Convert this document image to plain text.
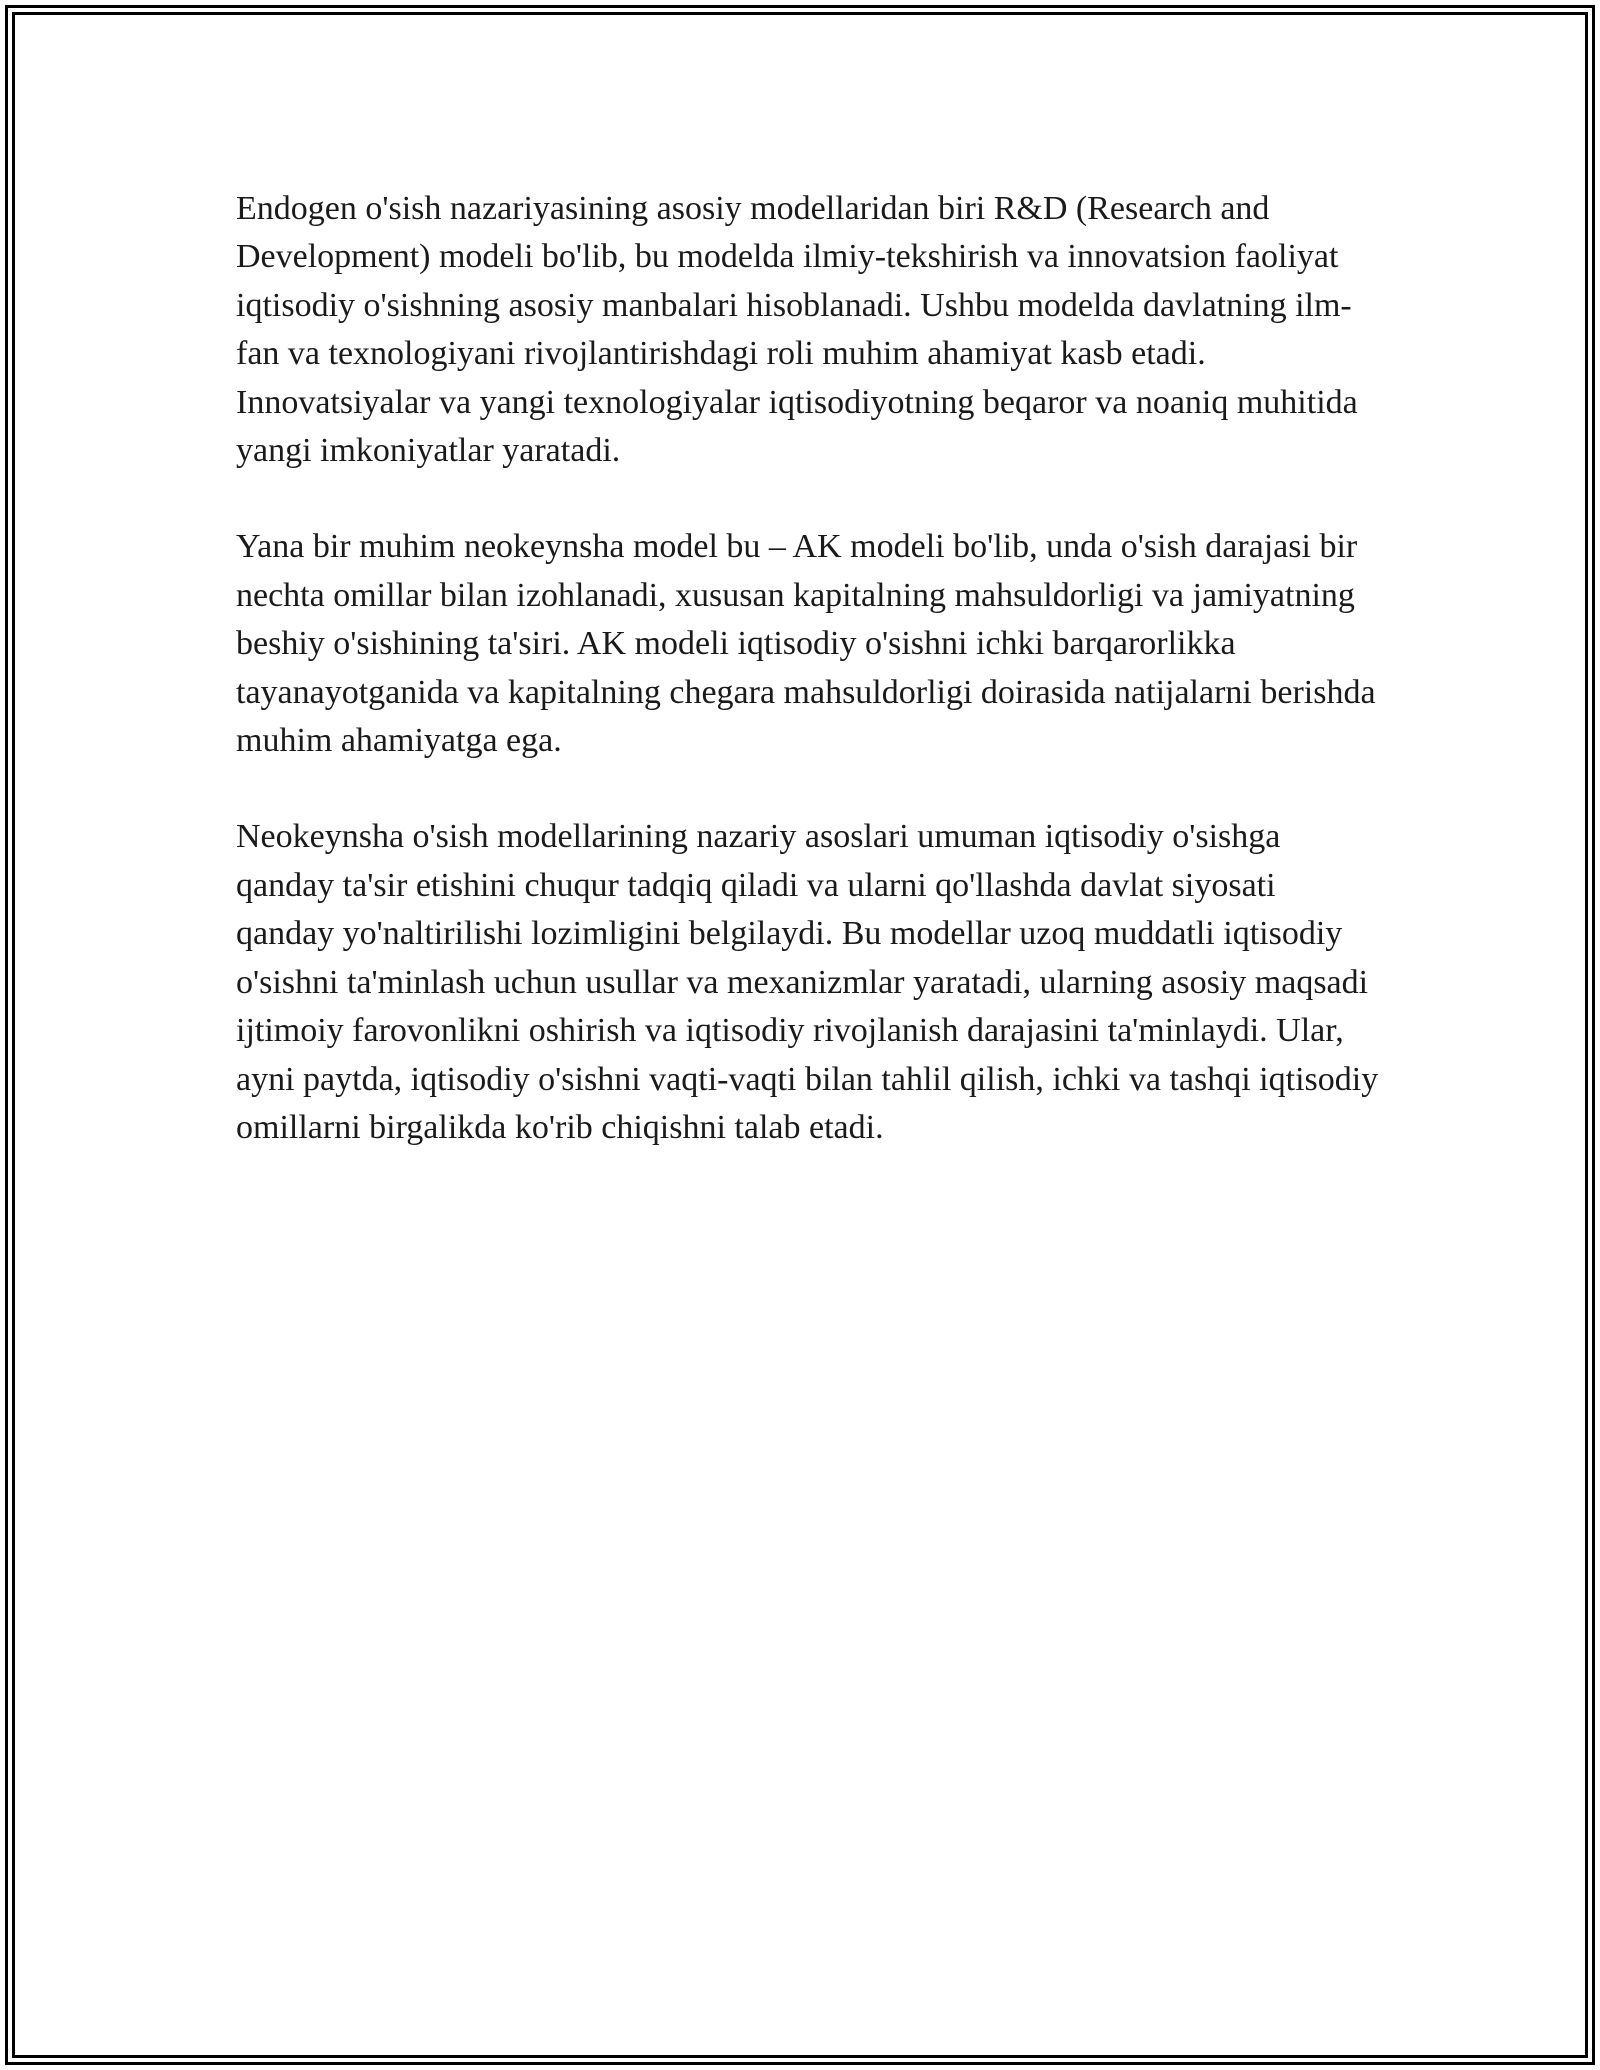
Endogen o'sish nazariyasining asosiy modellaridan biri R&D (Research and Development) modeli bo'lib, bu modelda ilmiy-tekshirish va innovatsion faoliyat iqtisodiy o'sishning asosiy manbalari hisoblanadi. Ushbu modelda davlatning ilm-fan va texnologiyani rivojlantirishdagi roli muhim ahamiyat kasb etadi. Innovatsiyalar va yangi texnologiyalar iqtisodiyotning beqaror va noaniq muhitida yangi imkoniyatlar yaratadi.

Yana bir muhim neokeynsha model bu – AK modeli bo'lib, unda o'sish darajasi bir nechta omillar bilan izohlanadi, xususan kapitalning mahsuldorligi va jamiyatning beshiy o'sishining ta'siri. AK modeli iqtisodiy o'sishni ichki barqarorlikka tayanayotganida va kapitalning chegara mahsuldorligi doirasida natijalarni berishda muhim ahamiyatga ega.

Neokeynsha o'sish modellarining nazariy asoslari umuman iqtisodiy o'sishga qanday ta'sir etishini chuqur tadqiq qiladi va ularni qo'llashda davlat siyosati qanday yo'naltirilishi lozimligini belgilaydi. Bu modellar uzoq muddatli iqtisodiy o'sishni ta'minlash uchun usullar va mexanizmlar yaratadi, ularning asosiy maqsadi ijtimoiy farovonlikni oshirish va iqtisodiy rivojlanish darajasini ta'minlaydi. Ular, ayni paytda, iqtisodiy o'sishni vaqti-vaqti bilan tahlil qilish, ichki va tashqi iqtisodiy omillarni birgalikda ko'rib chiqishni talab etadi.
